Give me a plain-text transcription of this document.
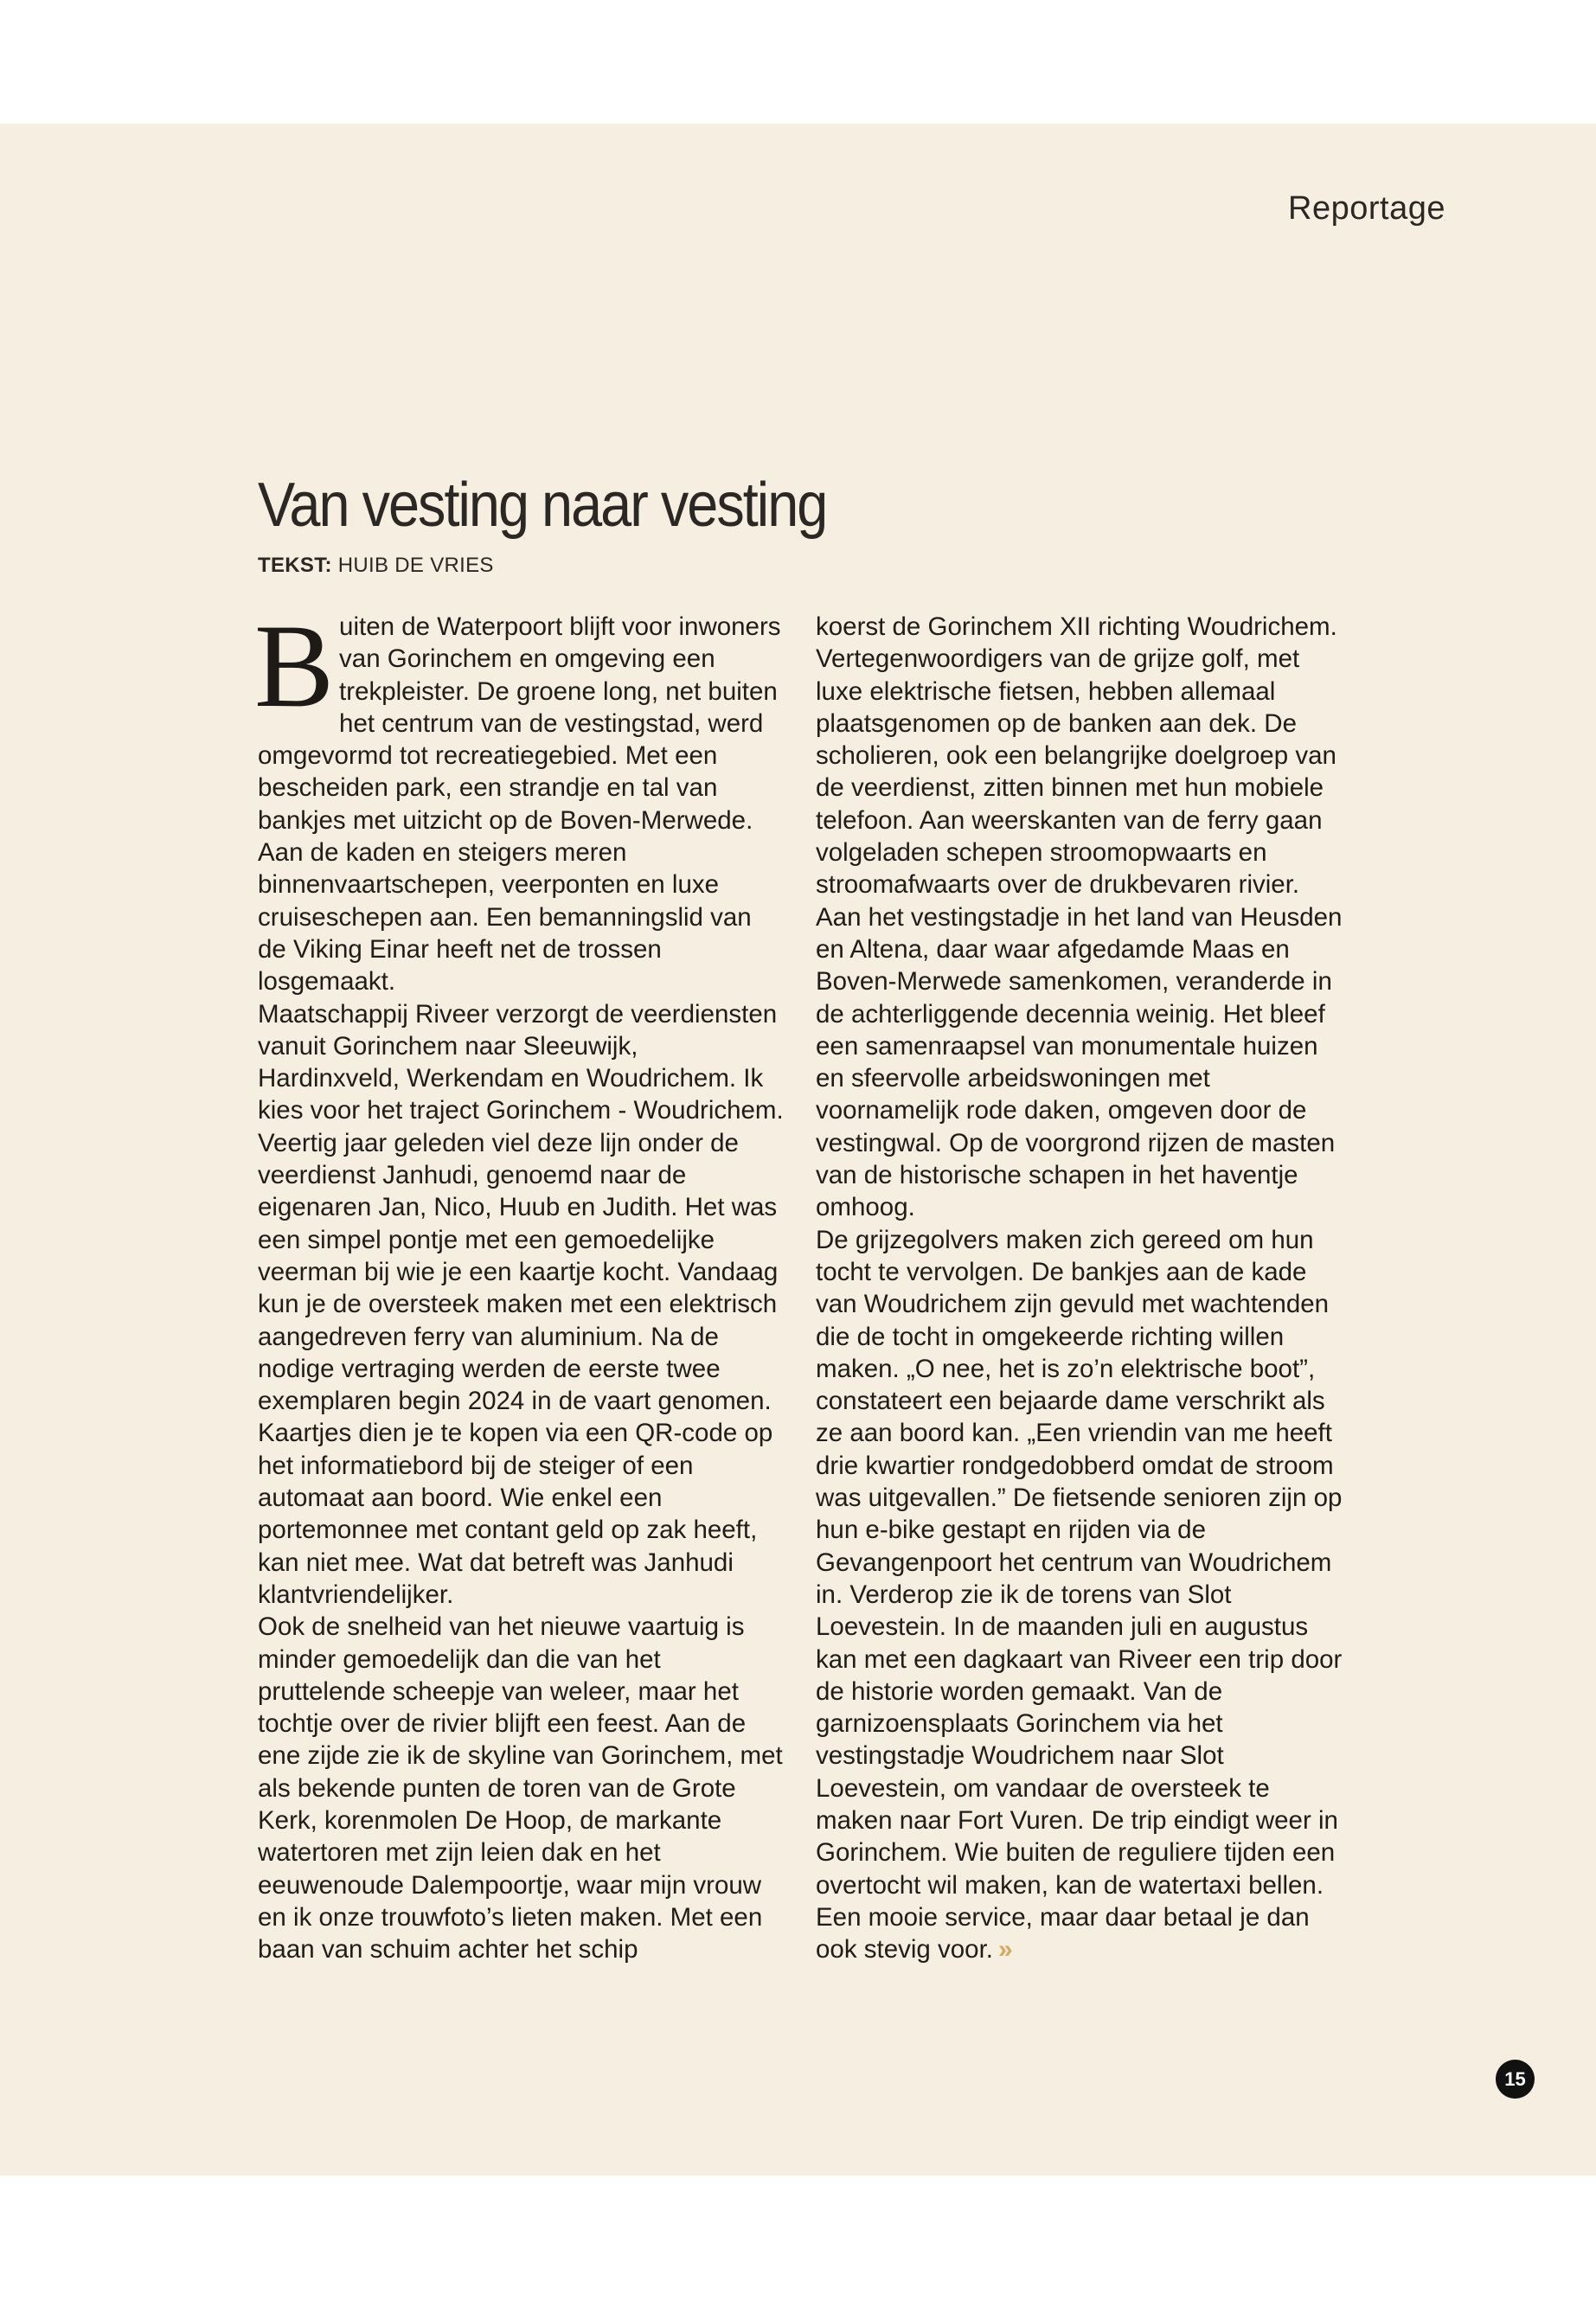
Reportage
Van vesting naar vesting
TEKST: HUIB DE VRIES

Buiten de Waterpoort blijft voor inwoners van Gorinchem en omgeving een trekpleister. De groene long, net buiten het centrum van de vestingstad, werd omgevormd tot recreatiegebied. Met een bescheiden park, een strandje en tal van bankjes met uitzicht op de Boven-Merwede. Aan de kaden en steigers meren binnenvaartschepen, veerponten en luxe cruiseschepen aan. Een bemanningslid van de Viking Einar heeft net de trossen losgemaakt.

Maatschappij Riveer verzorgt de veerdiensten vanuit Gorinchem naar Sleeuwijk, Hardinxveld, Werkendam en Woudrichem. Ik kies voor het traject Gorinchem - Woudrichem. Veertig jaar geleden viel deze lijn onder de veerdienst Janhudi, genoemd naar de eigenaren Jan, Nico, Huub en Judith. Het was een simpel pontje met een gemoedelijke veerman bij wie je een kaartje kocht. Vandaag kun je de oversteek maken met een elektrisch aangedreven ferry van aluminium. Na de nodige vertraging werden de eerste twee exemplaren begin 2024 in de vaart genomen. Kaartjes dien je te kopen via een QR-code op het informatiebord bij de steiger of een automaat aan boord. Wie enkel een portemonnee met contant geld op zak heeft, kan niet mee. Wat dat betreft was Janhudi klantvriendelijker.

Ook de snelheid van het nieuwe vaartuig is minder gemoedelijk dan die van het pruttelende scheepje van weleer, maar het tochtje over de rivier blijft een feest. Aan de ene zijde zie ik de skyline van Gorinchem, met als bekende punten de toren van de Grote Kerk, korenmolen De Hoop, de markante watertoren met zijn leien dak en het eeuwenoude Dalempoortje, waar mijn vrouw en ik onze trouwfoto’s lieten maken. Met een baan van schuim achter het schip

koerst de Gorinchem XII richting Woudrichem. Vertegenwoordigers van de grijze golf, met luxe elektrische fietsen, hebben allemaal plaatsgenomen op de banken aan dek. De scholieren, ook een belangrijke doelgroep van de veerdienst, zitten binnen met hun mobiele telefoon. Aan weerskanten van de ferry gaan volgeladen schepen stroomopwaarts en stroomafwaarts over de drukbevaren rivier.

Aan het vestingstadje in het land van Heusden en Altena, daar waar afgedamde Maas en Boven-Merwede samenkomen, veranderde in de achterliggende decennia weinig. Het bleef een samenraapsel van monumentale huizen en sfeervolle arbeidswoningen met voornamelijk rode daken, omgeven door de vestingwal. Op de voorgrond rijzen de masten van de historische schapen in het haventje omhoog.

De grijzegolvers maken zich gereed om hun tocht te vervolgen. De bankjes aan de kade van Woudrichem zijn gevuld met wachtenden die de tocht in omgekeerde richting willen maken. „O nee, het is zo’n elektrische boot”, constateert een bejaarde dame verschrikt als ze aan boord kan. „Een vriendin van me heeft drie kwartier rondgedobberd omdat de stroom was uitgevallen.” De fietsende senioren zijn op hun e-bike gestapt en rijden via de Gevangenpoort het centrum van Woudrichem in. Verderop zie ik de torens van Slot Loevestein. In de maanden juli en augustus kan met een dagkaart van Riveer een trip door de historie worden gemaakt. Van de garnizoensplaats Gorinchem via het vestingstadje Woudrichem naar Slot Loevestein, om vandaar de oversteek te maken naar Fort Vuren. De trip eindigt weer in Gorinchem. Wie buiten de reguliere tijden een overtocht wil maken, kan de watertaxi bellen. Een mooie service, maar daar betaal je dan ook stevig voor. »

15
